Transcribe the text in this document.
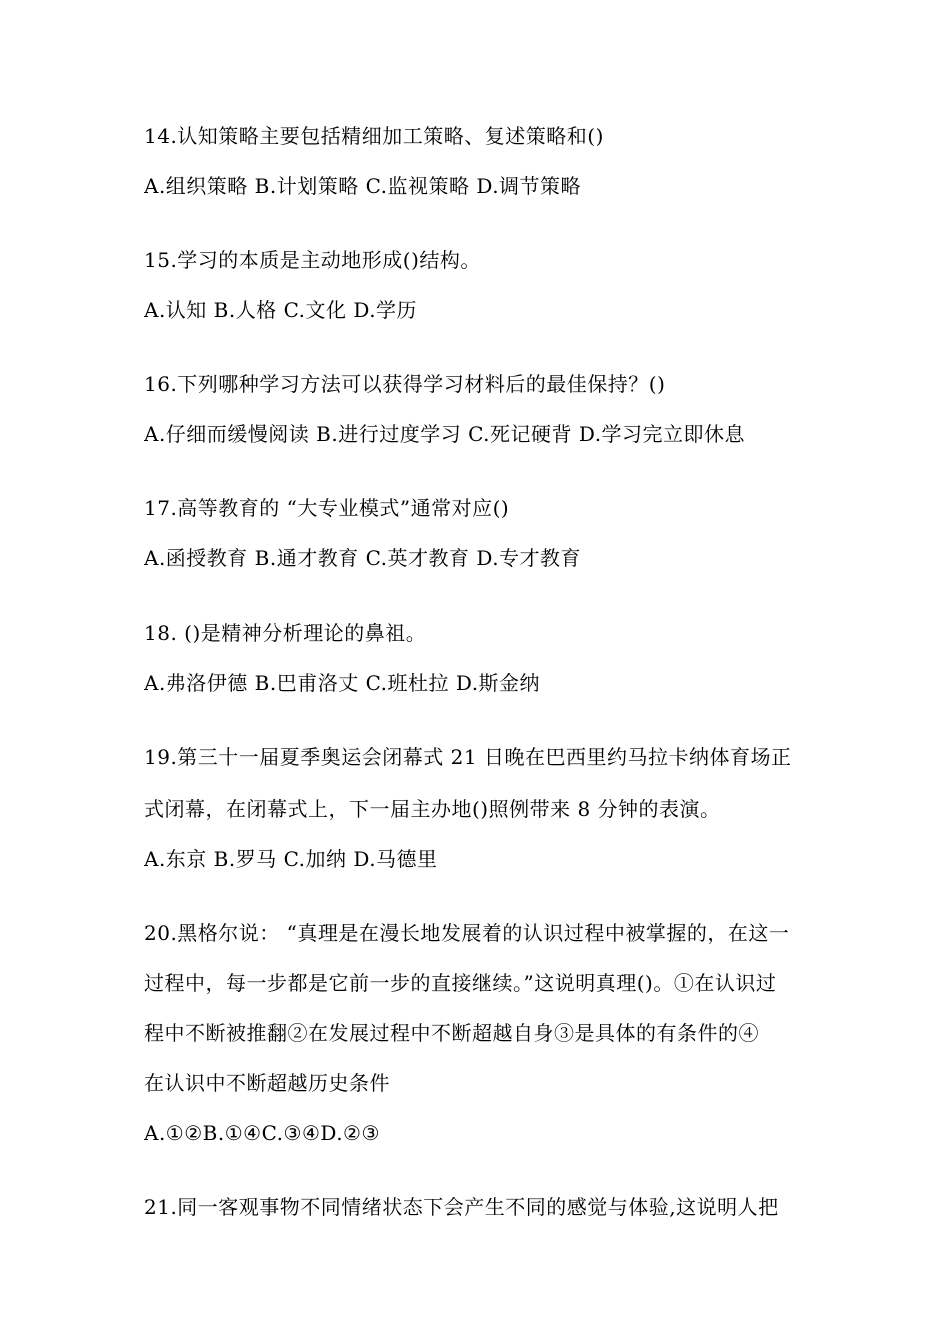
14.认知策略主要包括精细加工策略、复述策略和()
A.组织策略 B.计划策略 C.监视策略 D.调节策略
15.学习的本质是主动地形成()结构。
A.认知 B.人格 C.文化 D.学历
16.下列哪种学习方法可以获得学习材料后的最佳保持？()
A.仔细而缓慢阅读 B.进行过度学习 C.死记硬背 D.学习完立即休息
17.高等教育的 “大专业模式”通常对应()
A.函授教育 B.通才教育 C.英才教育 D.专才教育
18. ()是精神分析理论的鼻祖。
A.弗洛伊德 B.巴甫洛丈 C.班杜拉 D.斯金纳
19.第三十一届夏季奥运会闭幕式 21 日晚在巴西里约马拉卡纳体育场正
式闭幕，在闭幕式上，下一届主办地()照例带来 8 分钟的表演。
A.东京 B.罗马 C.加纳 D.马德里
20.黑格尔说： “真理是在漫长地发展着的认识过程中被掌握的，在这一
过程中，每一步都是它前一步的直接继续。”这说明真理()。①在认识过
程中不断被推翻②在发展过程中不断超越自身③是具体的有条件的④
在认识中不断超越历史条件
A.①②B.①④C.③④D.②③
21.同一客观事物不同情绪状态下会产生不同的感觉与体验,这说明人把
